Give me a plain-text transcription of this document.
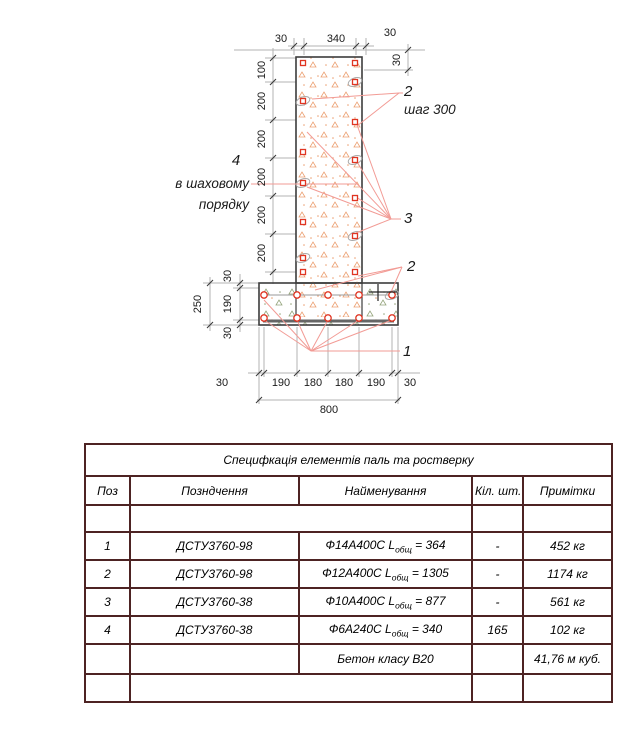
30	340	30
30
100
200
200
200
200
200
30
190
30
250
30	190 180 180 190 30
800
2
шаг 300
3
4
в шаховому
порядку
2
1
Специфкація елементів паль та ростверку				
Поз	Позндчення	Найменування	Кіл. шт.	Примітки

1	ДСТУ3760-98	Ф14А400С $L_{общ} = 364$	-	452 кг
2	ДСТУ3760-98	Ф12А400С $L_{общ} = 1305$	-	1174 кг
3	ДСТУ3760-38	Ф10А400С $L_{общ} = 877$	-	561 кг
4	ДСТУ3760-38	Ф6А240С $L_{общ} = 340$	165	102 кг
		Бетон класу В20		41,76 м куб.
